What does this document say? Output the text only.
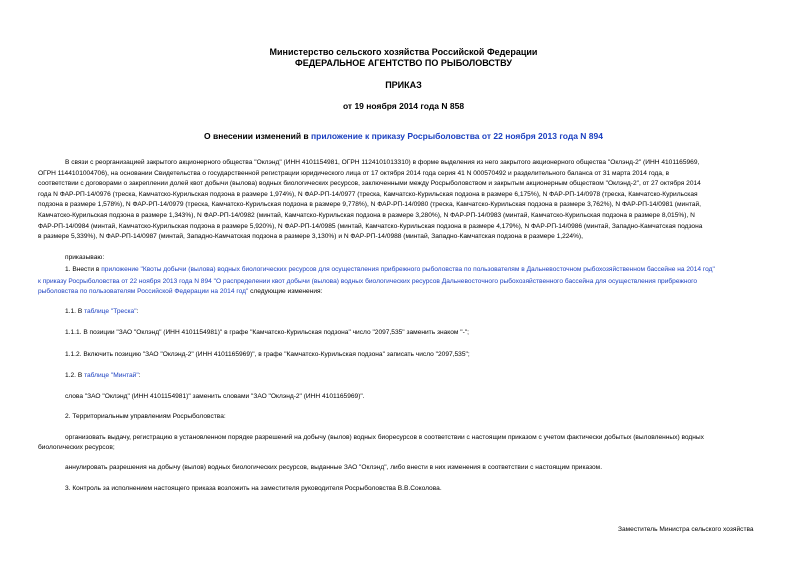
Министерство сельского хозяйства Российской Федерации
ФЕДЕРАЛЬНОЕ АГЕНТСТВО ПО РЫБОЛОВСТВУ
ПРИКАЗ
от 19 ноября 2014 года N 858
О внесении изменений в приложение к приказу Росрыболовства от 22 ноября 2013 года N 894
В связи с реорганизацией закрытого акционерного общества "Оклэнд" (ИНН 4101154981, ОГРН 1124101013310) в форме выделения из него закрытого акционерного общества "Оклэнд-2" (ИНН 4101165969,
ОГРН 1144101004706), на основании Свидетельства о государственной регистрации юридического лица от 17 октября 2014 года серия 41 N 000570492 и разделительного баланса от 31 марта 2014 года, в
соответствии с договорами о закреплении долей квот добычи (вылова) водных биологических ресурсов, заключенными между Росрыболовством и закрытым акционерным обществом "Оклэнд-2", от 27 октября 2014
года N ФАР-РП-14/0976 (треска, Камчатско-Курильская подзона в размере 1,974%), N ФАР-РП-14/0977 (треска, Камчатско-Курильская подзона в размере 6,175%), N ФАР-РП-14/0978 (треска, Камчатско-Курильская
подзона в размере 1,578%), N ФАР-РП-14/0979 (треска, Камчатско-Курильская подзона в размере 9,778%), N ФАР-РП-14/0980 (треска, Камчатско-Курильская подзона в размере 3,762%), N ФАР-РП-14/0981 (минтай,
Камчатско-Курильская подзона в размере 1,343%), N ФАР-РП-14/0982 (минтай, Камчатско-Курильская подзона в размере 3,280%), N ФАР-РП-14/0983 (минтай, Камчатско-Курильская подзона в размере 8,015%), N
ФАР-РП-14/0984 (минтай, Камчатско-Курильская подзона в размере 5,920%), N ФАР-РП-14/0985 (минтай, Камчатско-Курильская подзона в размере 4,179%), N ФАР-РП-14/0986 (минтай, Западно-Камчатская подзона
в размере 5,339%), N ФАР-РП-14/0987 (минтай, Западно-Камчатская подзона в размере 3,130%) и N ФАР-РП-14/0988 (минтай, Западно-Камчатская подзона в размере 1,224%),
приказываю:
1. Внести в приложение "Квоты добычи (вылова) водных биологических ресурсов для осуществления прибрежного рыболовства по пользователям в Дальневосточном рыбохозяйственном бассейне на 2014 год"
к приказу Росрыболовства от 22 ноября 2013 года N 894 "О распределении квот добычи (вылова) водных биологических ресурсов Дальневосточного рыбохозяйственного бассейна для осуществления прибрежного
рыболовства по пользователям Российской Федерации на 2014 год" следующие изменения:
1.1. В таблице "Треска":
1.1.1. В позиции "ЗАО "Оклэнд" (ИНН 4101154981)" в графе "Камчатско-Курильская подзона" число "2097,535" заменить знаком "-";
1.1.2. Включить позицию "ЗАО "Оклэнд-2" (ИНН 4101165969)", в графе "Камчатско-Курильская подзона" записать число "2097,535";
1.2. В таблице "Минтай":
слова "ЗАО "Оклэнд" (ИНН 4101154981)" заменить словами "ЗАО "Оклэнд-2" (ИНН 4101165969)".
2. Территориальным управлениям Росрыболовства:
организовать выдачу, регистрацию в установленном порядке разрешений на добычу (вылов) водных биоресурсов в соответствии с настоящим приказом с учетом фактически добытых (выловленных) водных
биологических ресурсов;
аннулировать разрешения на добычу (вылов) водных биологических ресурсов, выданные ЗАО "Оклэнд", либо внести в них изменения в соответствии с настоящим приказом.
3. Контроль за исполнением настоящего приказа возложить на заместителя руководителя Росрыболовства В.В.Соколова.
Заместитель Министра сельского хозяйства
